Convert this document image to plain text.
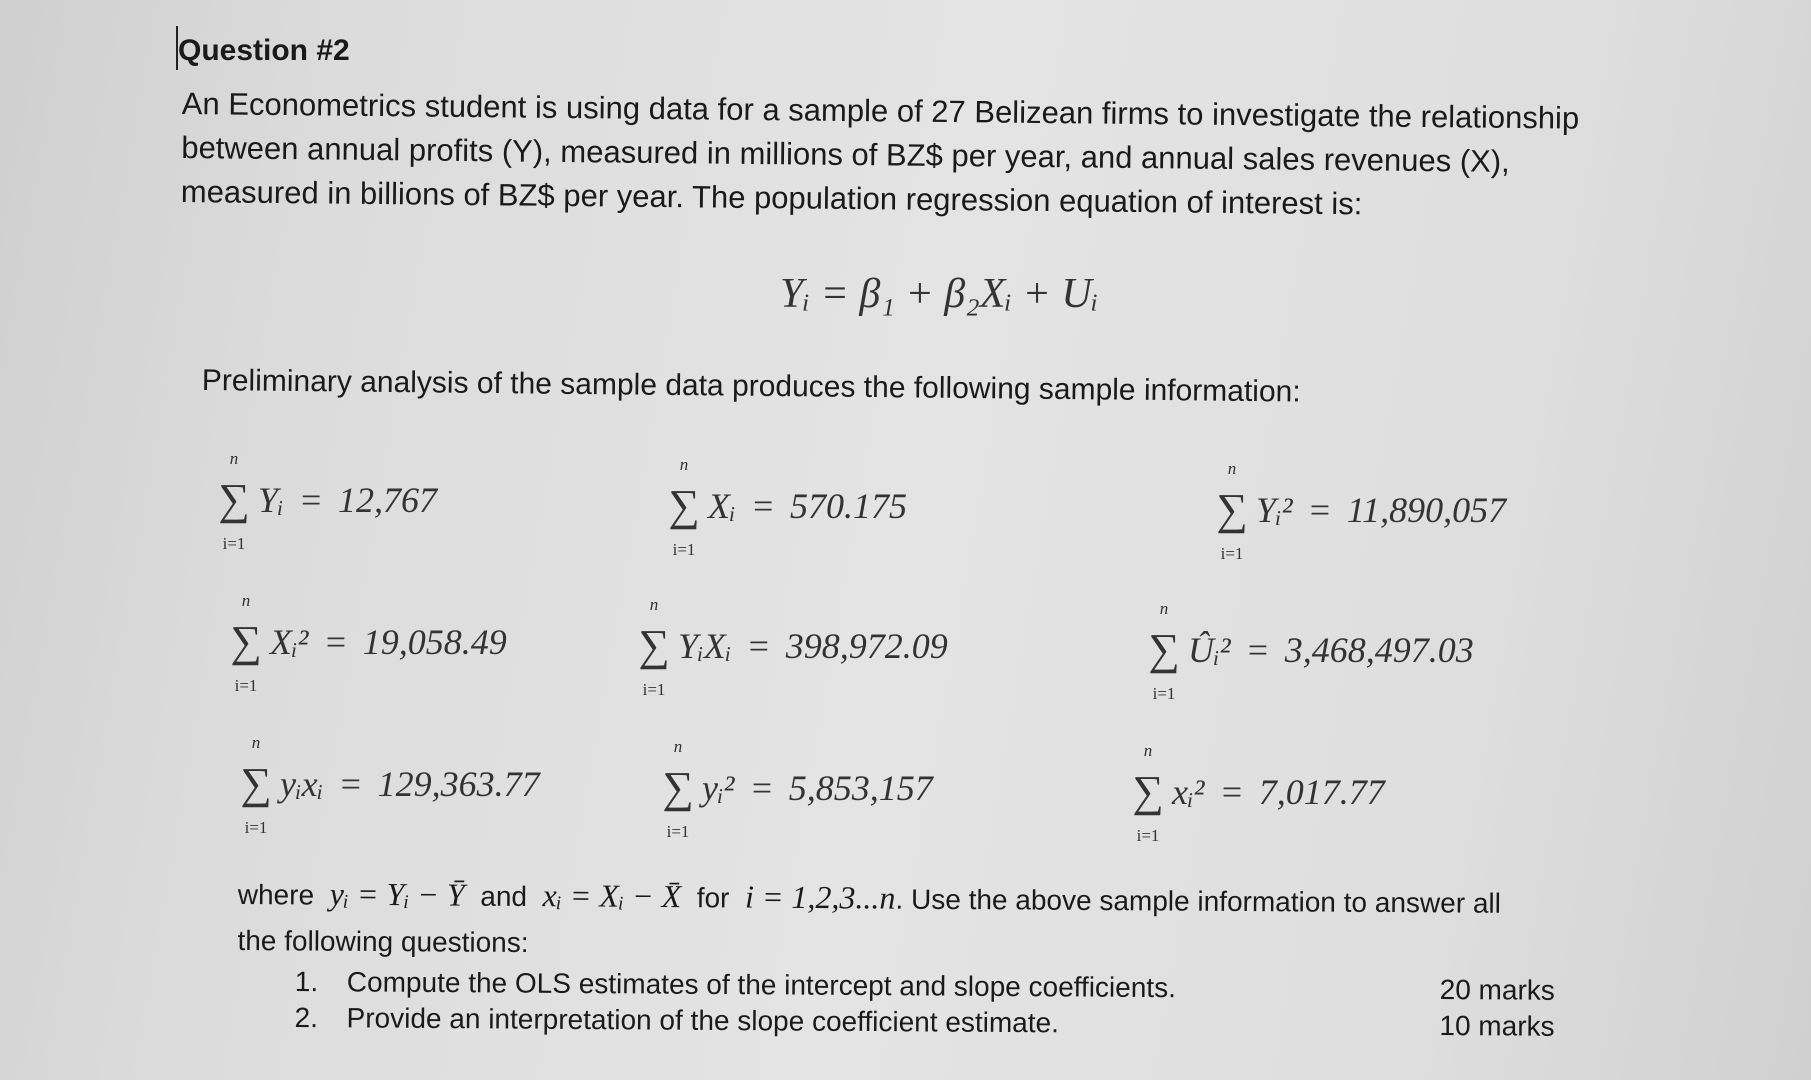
Question #2

An Econometrics student is using data for a sample of 27 Belizean firms to investigate the relationship

between annual profits (Y), measured in millions of BZ$ per year, and annual sales revenues (X),

measured in billions of BZ$ per year. The population regression equation of interest is:

Yᵢ = β₁ + β₂Xᵢ + Uᵢ
Preliminary analysis of the sample data produces the following sample information:
∑
n
i=1
Yᵢ = 12,767	∑
n
i=1
Xᵢ = 570.175	∑
n
i=1
Yᵢ² = 11,890,057
∑
n
i=1
Xᵢ² = 19,058.49	∑
n
i=1
YᵢXᵢ = 398,972.09	∑
n
i=1
Ûᵢ² = 3,468,497.03
∑
n
i=1
yᵢxᵢ = 129,363.77	∑
n
i=1
yᵢ² = 5,853,157	∑
n
i=1
xᵢ² = 7,017.77
where yᵢ = Yᵢ − Ȳ and xᵢ = Xᵢ − X̄ for i = 1,2,3...n. Use the above sample information to answer all
the following questions:
1.	Compute the OLS estimates of the intercept and slope coefficients.	20 marks
2.	Provide an interpretation of the slope coefficient estimate.	10 marks
